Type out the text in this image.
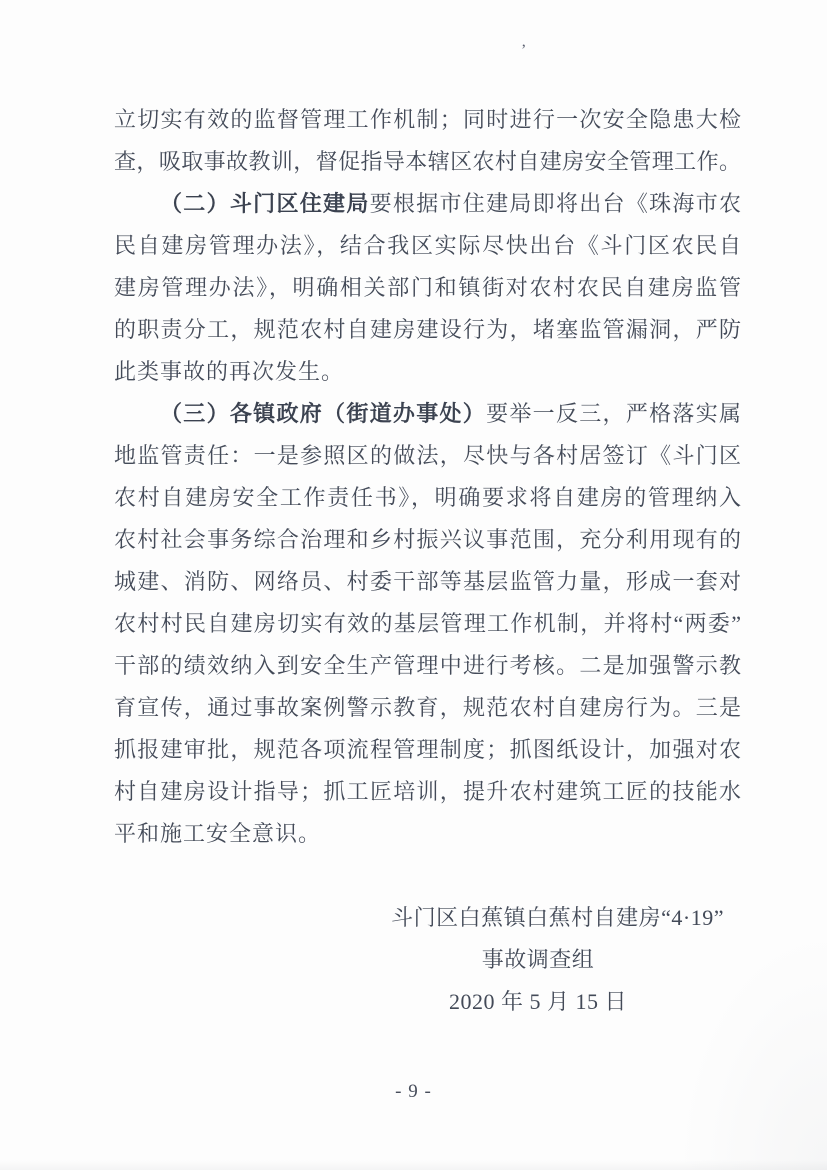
’
立切实有效的监督管理工作机制；同时进行一次安全隐患大检
查，吸取事故教训，督促指导本辖区农村自建房安全管理工作。
（二）斗门区住建局要根据市住建局即将出台《珠海市农
民自建房管理办法》，结合我区实际尽快出台《斗门区农民自
建房管理办法》，明确相关部门和镇街对农村农民自建房监管
的职责分工，规范农村自建房建设行为，堵塞监管漏洞，严防
此类事故的再次发生。
（三）各镇政府（街道办事处）要举一反三，严格落实属
地监管责任：一是参照区的做法，尽快与各村居签订《斗门区
农村自建房安全工作责任书》，明确要求将自建房的管理纳入
农村社会事务综合治理和乡村振兴议事范围，充分利用现有的
城建、消防、网络员、村委干部等基层监管力量，形成一套对
农村村民自建房切实有效的基层管理工作机制，并将村“两委”
干部的绩效纳入到安全生产管理中进行考核。二是加强警示教
育宣传，通过事故案例警示教育，规范农村自建房行为。三是
抓报建审批，规范各项流程管理制度；抓图纸设计，加强对农
村自建房设计指导；抓工匠培训，提升农村建筑工匠的技能水
平和施工安全意识。
斗门区白蕉镇白蕉村自建房“4·19”
事故调查组
2020 年 5 月 15 日
- 9 -
